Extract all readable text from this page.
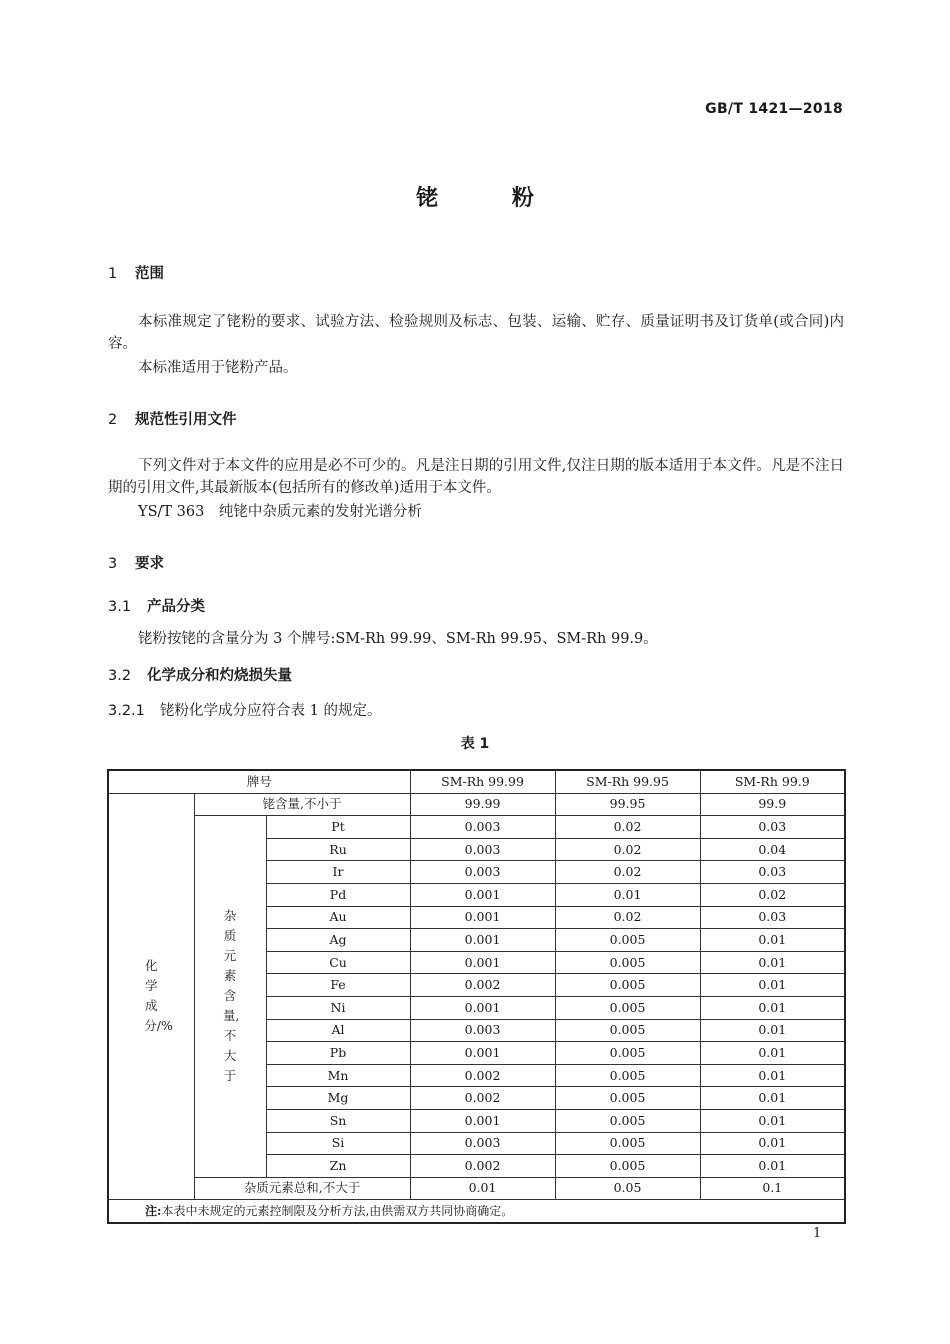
GB/T 1421—2018
铑 粉
1 范围
本标准规定了铑粉的要求、试验方法、检验规则及标志、包装、运输、贮存、质量证明书及订货单(或合同)内容。
本标准适用于铑粉产品。
2 规范性引用文件
下列文件对于本文件的应用是必不可少的。凡是注日期的引用文件,仅注日期的版本适用于本文件。凡是不注日期的引用文件,其最新版本(包括所有的修改单)适用于本文件。
YS/T 363　纯铑中杂质元素的发射光谱分析
3 要求
3.1 产品分类
铑粉按铑的含量分为 3 个牌号:SM-Rh 99.99、SM-Rh 99.95、SM-Rh 99.9。
3.2 化学成分和灼烧损失量
3.2.1 铑粉化学成分应符合表 1 的规定。
表 1
牌号			SM-Rh 99.99	SM-Rh 99.95	SM-Rh 99.9
化学成分/%	铑含量,不小于		99.99	99.95	99.9
	杂质元素含量,不大于	Pt	0.003	0.02	0.03
		Ru	0.003	0.02	0.04
		Ir	0.003	0.02	0.03
		Pd	0.001	0.01	0.02
		Au	0.001	0.02	0.03
		Ag	0.001	0.005	0.01
		Cu	0.001	0.005	0.01
		Fe	0.002	0.005	0.01
		Ni	0.001	0.005	0.01
		Al	0.003	0.005	0.01
		Pb	0.001	0.005	0.01
		Mn	0.002	0.005	0.01
		Mg	0.002	0.005	0.01
		Sn	0.001	0.005	0.01
		Si	0.003	0.005	0.01
		Zn	0.002	0.005	0.01
	杂质元素总和,不大于		0.01	0.05	0.1
注:本表中未规定的元素控制限及分析方法,由供需双方共同协商确定。					
1
